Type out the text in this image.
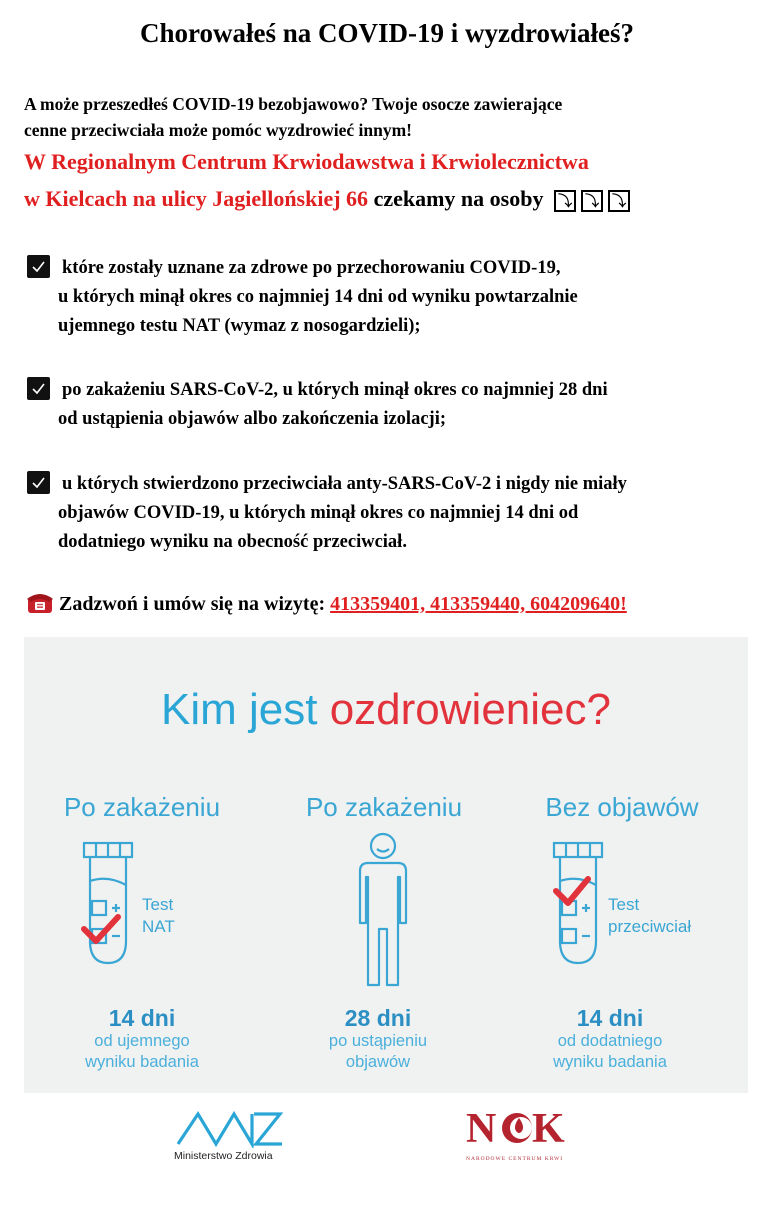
Chorowałeś na COVID-19 i wyzdrowiałeś?
A może przeszedłeś COVID-19 bezobjawowo? Twoje osocze zawierające
cenne przeciwciała może pomóc wyzdrowieć innym!
W Regionalnym Centrum Krwiodawstwa i Krwiolecznictwa
w Kielcach na ulicy Jagiellońskiej 66 czekamy na osoby ⤵ ⤵ ⤵
które zostały uznane za zdrowe po przechorowaniu COVID-19,
u których minął okres co najmniej 14 dni od wyniku powtarzalnie
ujemnego testu NAT (wymaz z nosogardzieli);
po zakażeniu SARS-CoV-2, u których minął okres co najmniej 28 dni
od ustąpienia objawów albo zakończenia izolacji;
u których stwierdzono przeciwciała anty-SARS-CoV-2 i nigdy nie miały
objawów COVID-19, u których minął okres co najmniej 14 dni od
dodatniego wyniku na obecność przeciwciał.
Zadzwoń i umów się na wizytę: 413359401, 413359440, 604209640!
Kim jest ozdrowieniec?
Po zakażeniu
Test
NAT
14 dni
od ujemnego
wyniku badania
Po zakażeniu
28 dni
po ustąpieniu
objawów
Bez objawów
Test
przeciwciał
14 dni
od dodatniego
wyniku badania
Ministerstwo Zdrowia
N K
NARODOWE CENTRUM KRWI
